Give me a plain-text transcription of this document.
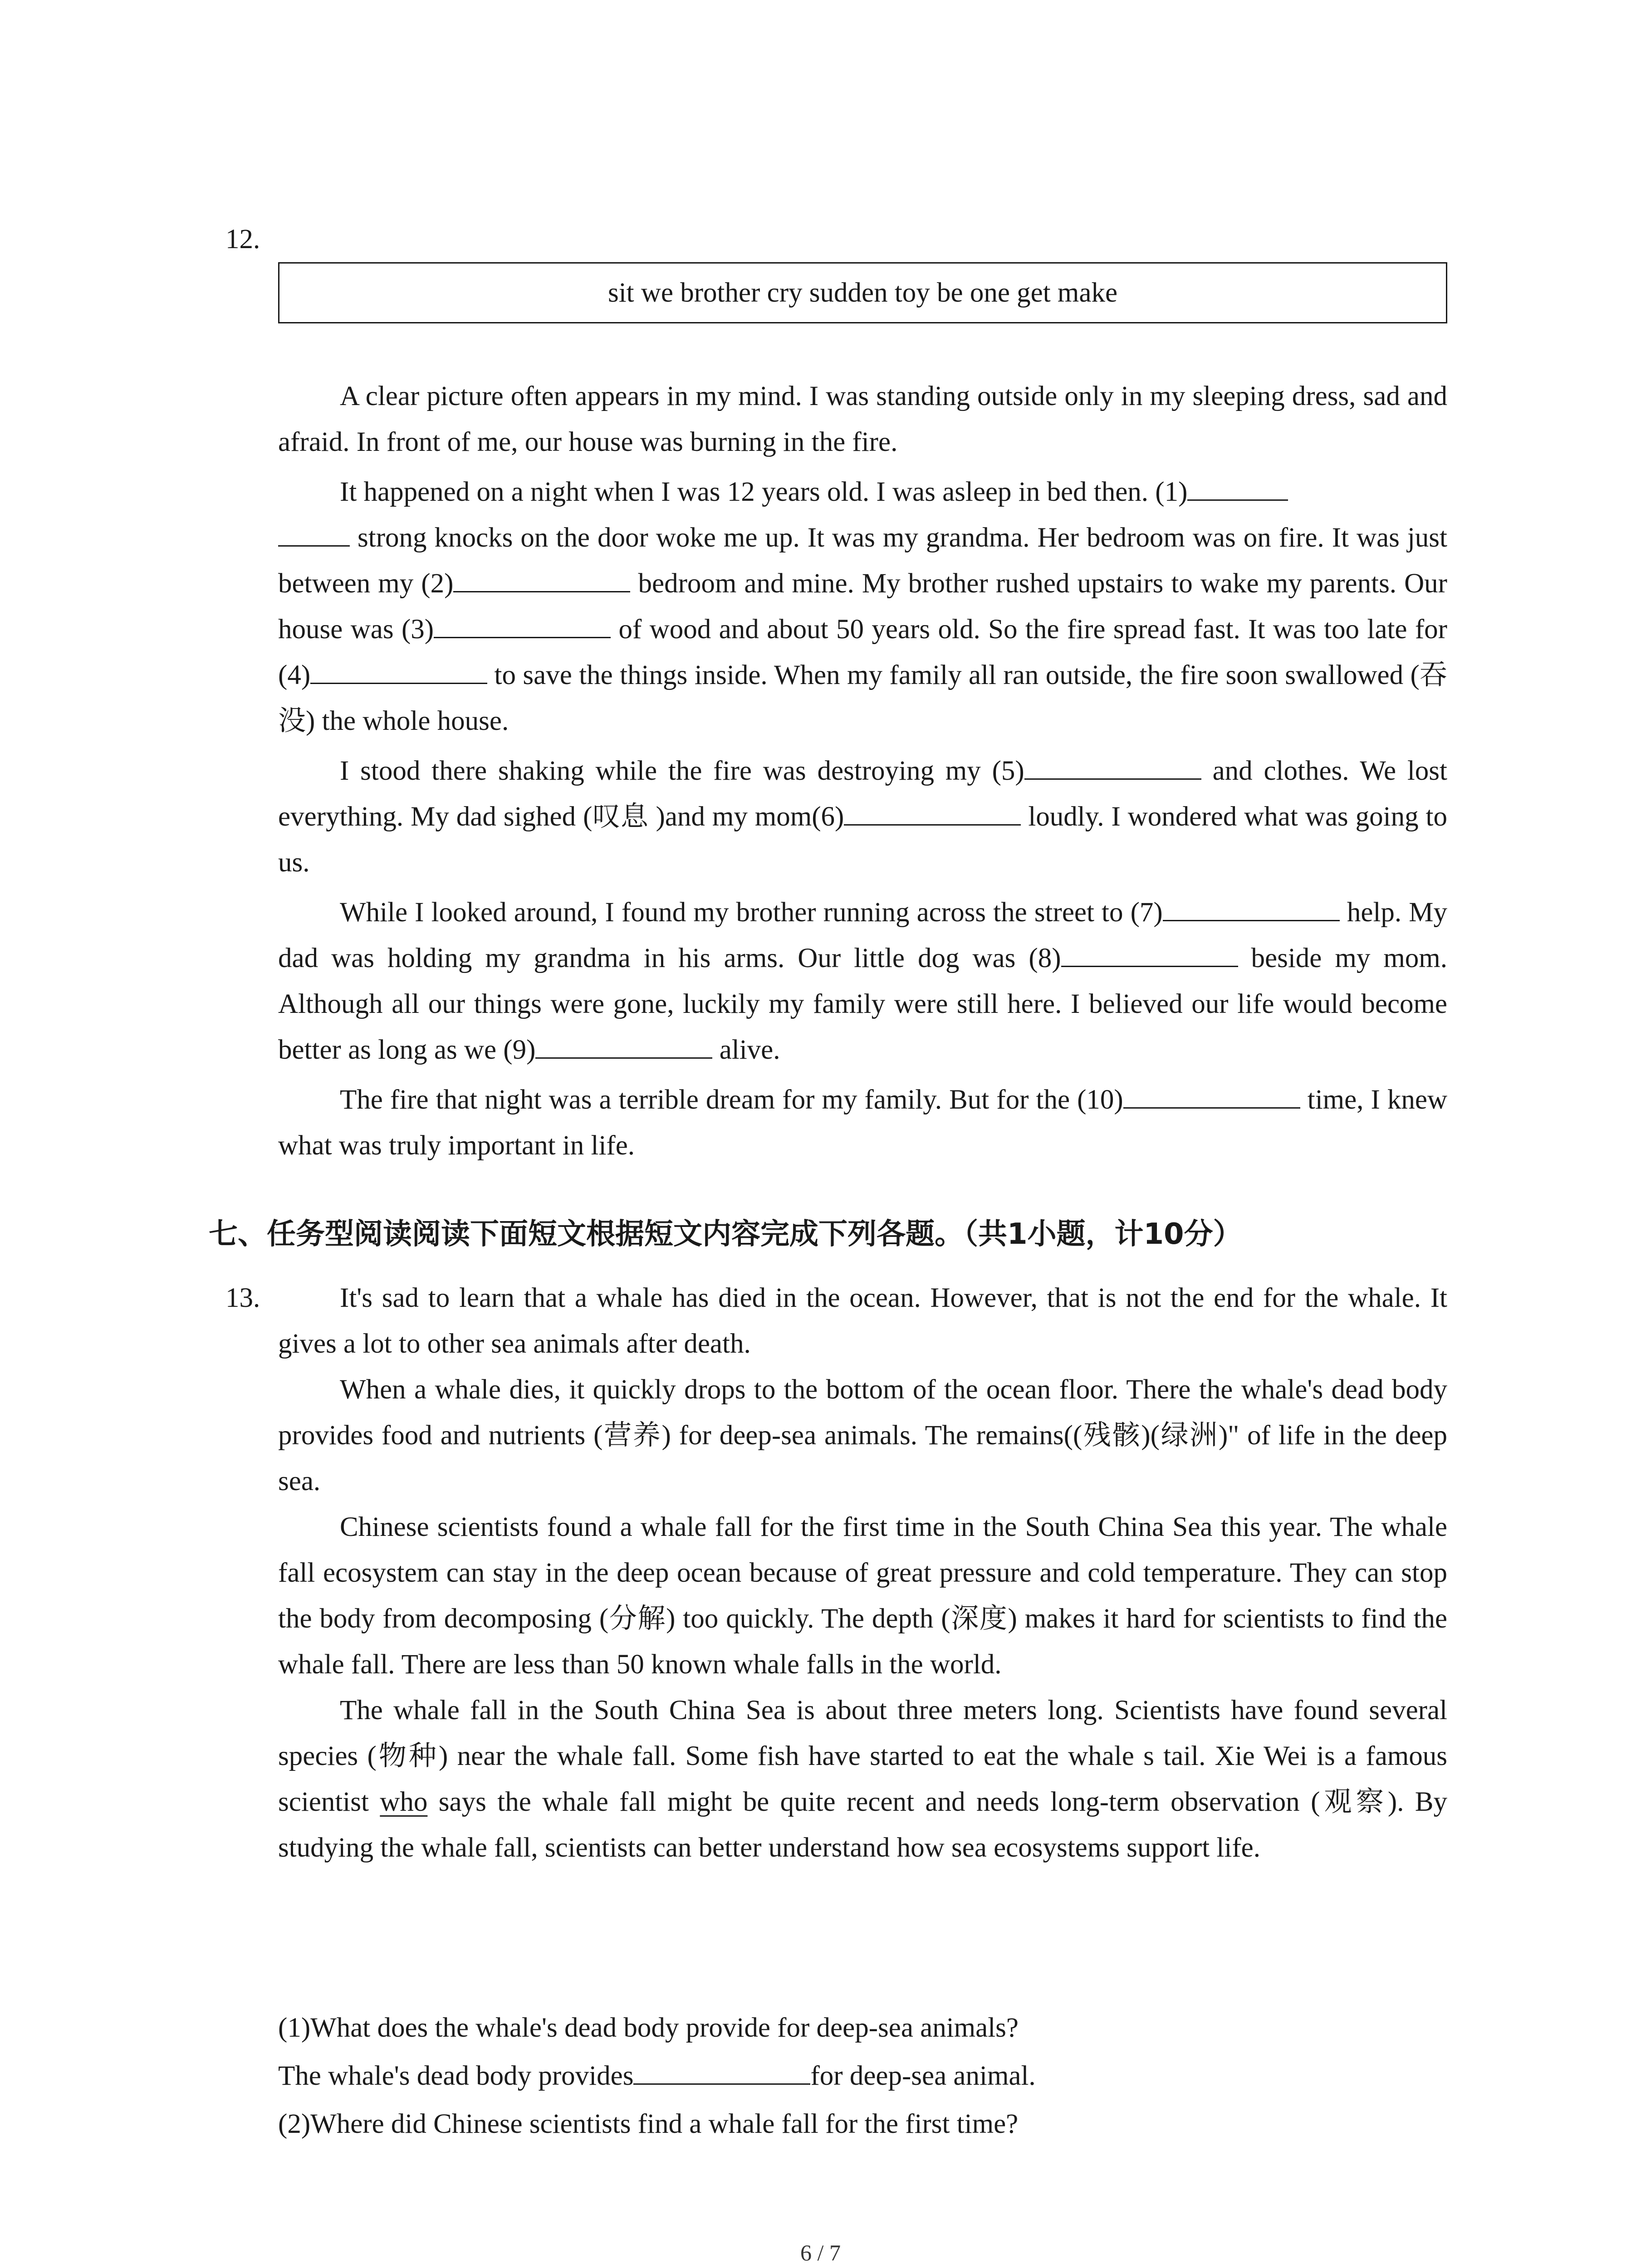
12.
sit we brother cry sudden toy be one get make

A clear picture often appears in my mind. I was standing outside only in my sleeping dress, sad and afraid. In front of me, our house was burning in the fire.

It happened on a night when I was 12 years old. I was asleep in bed then. (1)
strong knocks on the door woke me up. It was my grandma. Her bedroom was on fire. It was just between my (2)	bedroom and mine. My brother rushed upstairs to wake my parents. Our house was (3)	of wood and about 50 years old. So the fire spread fast. It was too late for (4)	to save the things inside. When my family all ran outside, the fire soon swallowed (吞没) the whole house.

I stood there shaking while the fire was destroying my (5)	and clothes. We lost everything. My dad sighed (叹息 )and my mom(6)	loudly. I wondered what was going to us.

While I looked around, I found my brother running across the street to (7)	help. My dad was holding my grandma in his arms. Our little dog was (8)	beside my mom. Although all our things were gone, luckily my family were still here. I believed our life would become better as long as we (9)	alive.

The fire that night was a terrible dream for my family. But for the (10)	time, I knew what was truly important in life.

七、任务型阅读阅读下面短文根据短文内容完成下列各题。（共1小题，计10分）
13.	It's sad to learn that a whale has died in the ocean. However, that is not the end for the whale. It gives a lot to other sea animals after death.

When a whale dies, it quickly drops to the bottom of the ocean floor. There the whale's dead body provides food and nutrients (营养) for deep-sea animals. The remains((残骸)(绿洲)" of life in the deep sea.

Chinese scientists found a whale fall for the first time in the South China Sea this year. The whale fall ecosystem can stay in the deep ocean because of great pressure and cold temperature. They can stop the body from decomposing (分解) too quickly. The depth (深度) makes it hard for scientists to find the whale fall. There are less than 50 known whale falls in the world.

The whale fall in the South China Sea is about three meters long. Scientists have found several species (物种) near the whale fall. Some fish have started to eat the whale s tail. Xie Wei is a famous scientist who says the whale fall might be quite recent and needs long-term observation (观察). By studying the whale fall, scientists can better understand how sea ecosystems support life.

(1)What does the whale's dead body provide for deep-sea animals?

The whale's dead body provides	for deep-sea animal.

(2)Where did Chinese scientists find a whale fall for the first time?

6 / 7
